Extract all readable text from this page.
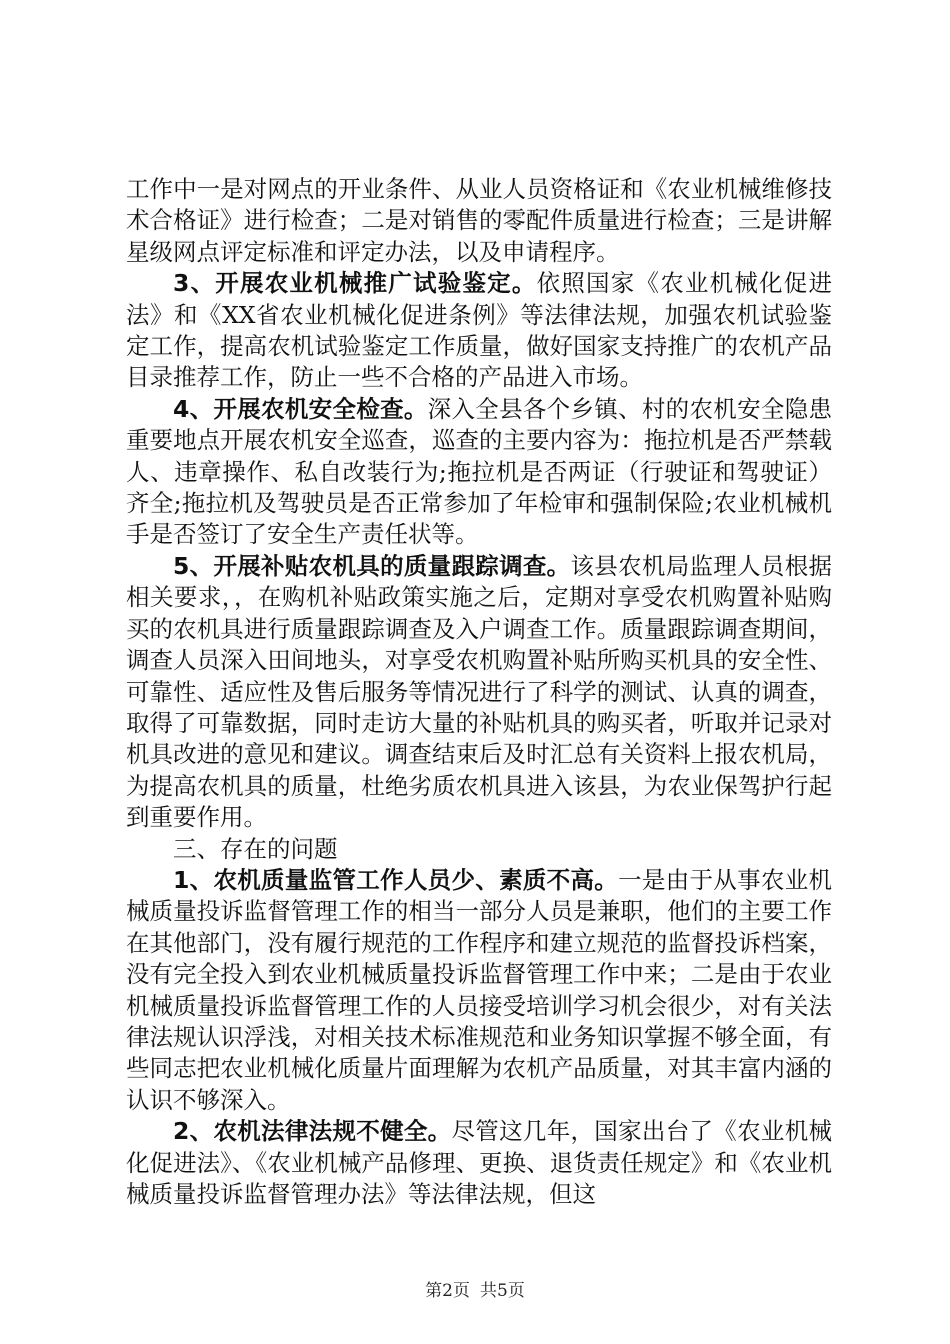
工作中一是对网点的开业条件、从业人员资格证和《农业机械维修技术合格证》进行检查；二是对销售的零配件质量进行检查；三是讲解星级网点评定标准和评定办法，以及申请程序。

3、开展农业机械推广试验鉴定。依照国家《农业机械化促进法》和《XX省农业机械化促进条例》等法律法规，加强农机试验鉴定工作，提高农机试验鉴定工作质量，做好国家支持推广的农机产品目录推荐工作，防止一些不合格的产品进入市场。

4、开展农机安全检查。深入全县各个乡镇、村的农机安全隐患重要地点开展农机安全巡查，巡查的主要内容为：拖拉机是否严禁载人、违章操作、私自改装行为;拖拉机是否两证（行驶证和驾驶证）齐全;拖拉机及驾驶员是否正常参加了年检审和强制保险;农业机械机手是否签订了安全生产责任状等。

5、开展补贴农机具的质量跟踪调查。该县农机局监理人员根据相关要求，，在购机补贴政策实施之后，定期对享受农机购置补贴购买的农机具进行质量跟踪调查及入户调查工作。质量跟踪调查期间，调查人员深入田间地头，对享受农机购置补贴所购买机具的安全性、可靠性、适应性及售后服务等情况进行了科学的测试、认真的调查，取得了可靠数据，同时走访大量的补贴机具的购买者，听取并记录对机具改进的意见和建议。调查结束后及时汇总有关资料上报农机局，为提高农机具的质量，杜绝劣质农机具进入该县，为农业保驾护行起到重要作用。

三、存在的问题

1、农机质量监管工作人员少、素质不高。一是由于从事农业机械质量投诉监督管理工作的相当一部分人员是兼职，他们的主要工作在其他部门，没有履行规范的工作程序和建立规范的监督投诉档案，没有完全投入到农业机械质量投诉监督管理工作中来；二是由于农业机械质量投诉监督管理工作的人员接受培训学习机会很少，对有关法律法规认识浮浅，对相关技术标准规范和业务知识掌握不够全面，有些同志把农业机械化质量片面理解为农机产品质量，对其丰富内涵的认识不够深入。

2、农机法律法规不健全。尽管这几年，国家出台了《农业机械化促进法》、《农业机械产品修理、更换、退货责任规定》和《农业机械质量投诉监督管理办法》等法律法规，但这

第2页 共5页
